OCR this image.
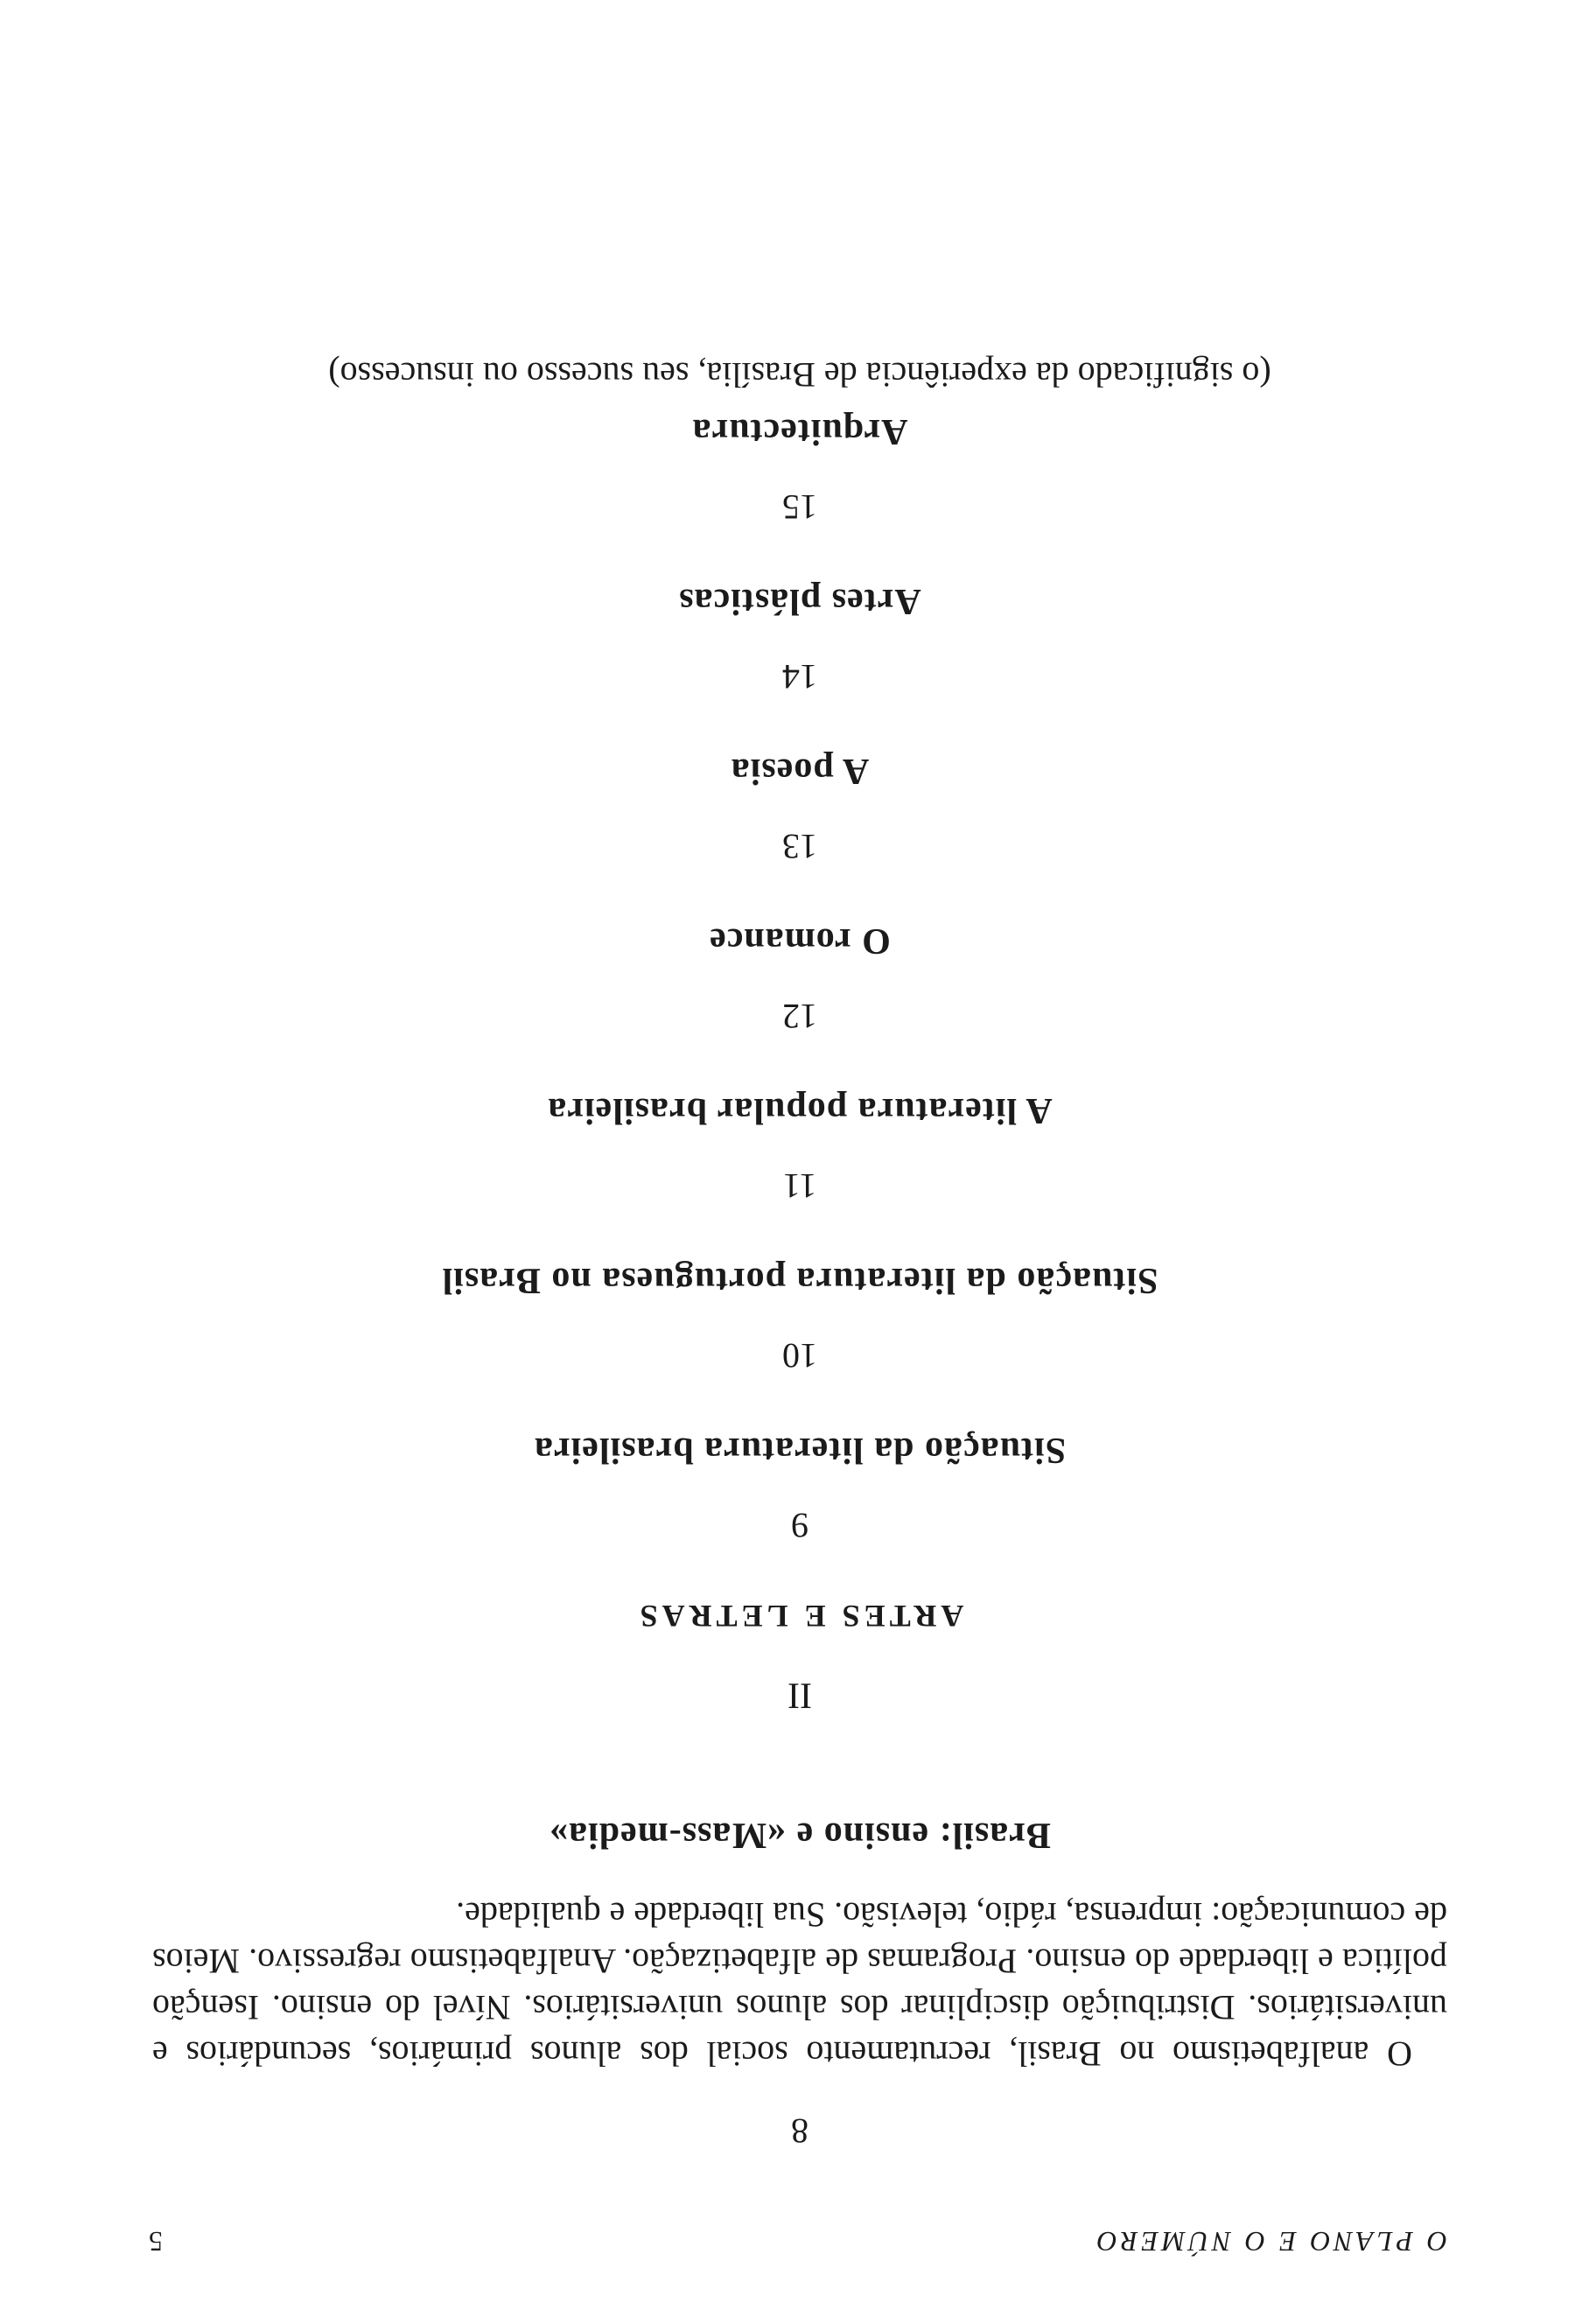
O PLANO E O NÚMERO
5
8

O analfabetismo no Brasil, recrutamento social dos alunos primários, secundários e universitários. Distribuição disciplinar dos alunos universitários. Nível do ensino. Isenção política e liberdade do ensino. Programas de alfabetização. Analfabetismo regressivo. Meios de comunicação: imprensa, rádio, televisão. Sua liberdade e qualidade.

Brasil: ensino e «Mass-media»
II
ARTES E LETRAS
9
Situação da literatura brasileira
10
Situação da literatura portuguesa no Brasil
11
A literatura popular brasileira
12
O romance
13
A poesia
14
Artes plásticas
15
Arquitectura
(o significado da experiência de Brasília, seu sucesso ou insucesso)
